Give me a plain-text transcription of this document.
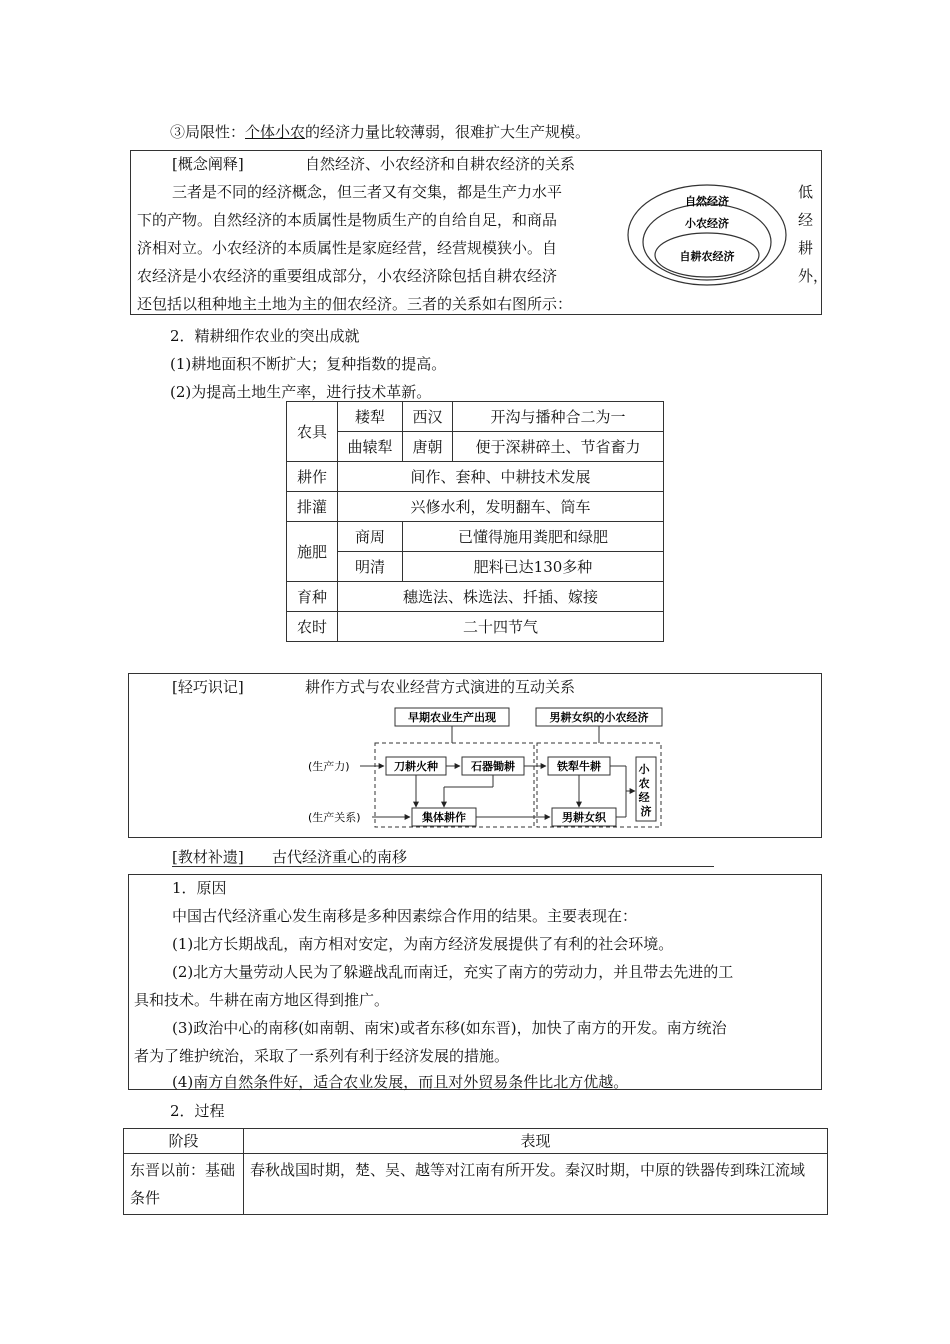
③局限性：个体小农的经济力量比较薄弱，很难扩大生产规模。
[概念阐释]	自然经济、小农经济和自耕农经济的关系
三者是不同的经济概念，但三者又有交集，都是生产力水平
下的产物。自然经济的本质属性是物质生产的自给自足，和商品
济相对立。小农经济的本质属性是家庭经营，经营规模狭小。自
农经济是小农经济的重要组成部分，小农经济除包括自耕农经济
还包括以租种地主土地为主的佃农经济。三者的关系如右图所示：
低
经
耕
外，
自然经济
小农经济
自耕农经济
2．精耕细作农业的突出成就
(1)耕地面积不断扩大；复种指数的提高。
(2)为提高土地生产率，进行技术革新。
农具	耧犁	西汉	开沟与播种合二为一
	曲辕犁	唐朝	便于深耕碎土、节省畜力
耕作	间作、套种、中耕技术发展		
排灌	兴修水利，发明翻车、筒车		
施肥	商周	已懂得施用粪肥和绿肥	
	明清	肥料已达130多种	
育种	穗选法、株选法、扦插、嫁接		
农时	二十四节气		
[轻巧识记]	耕作方式与农业经营方式演进的互动关系
早期农业生产出现	男耕女织的小农经济
(生产力)
(生产关系)
刀耕火种	石器锄耕	铁犁牛耕
集体耕作	男耕女织
小 农 经 济
[教材补遗] 古代经济重心的南移
1．原因
中国古代经济重心发生南移是多种因素综合作用的结果。主要表现在：
(1)北方长期战乱，南方相对安定，为南方经济发展提供了有利的社会环境。
(2)北方大量劳动人民为了躲避战乱而南迁，充实了南方的劳动力，并且带去先进的工
具和技术。牛耕在南方地区得到推广。
(3)政治中心的南移(如南朝、南宋)或者东移(如东晋)，加快了南方的开发。南方统治
者为了维护统治，采取了一系列有利于经济发展的措施。
(4)南方自然条件好，适合农业发展，而且对外贸易条件比北方优越。
2．过程
阶段	表现
东晋以前：基础条件	春秋战国时期，楚、吴、越等对江南有所开发。秦汉时期，中原的铁器传到珠江流域
